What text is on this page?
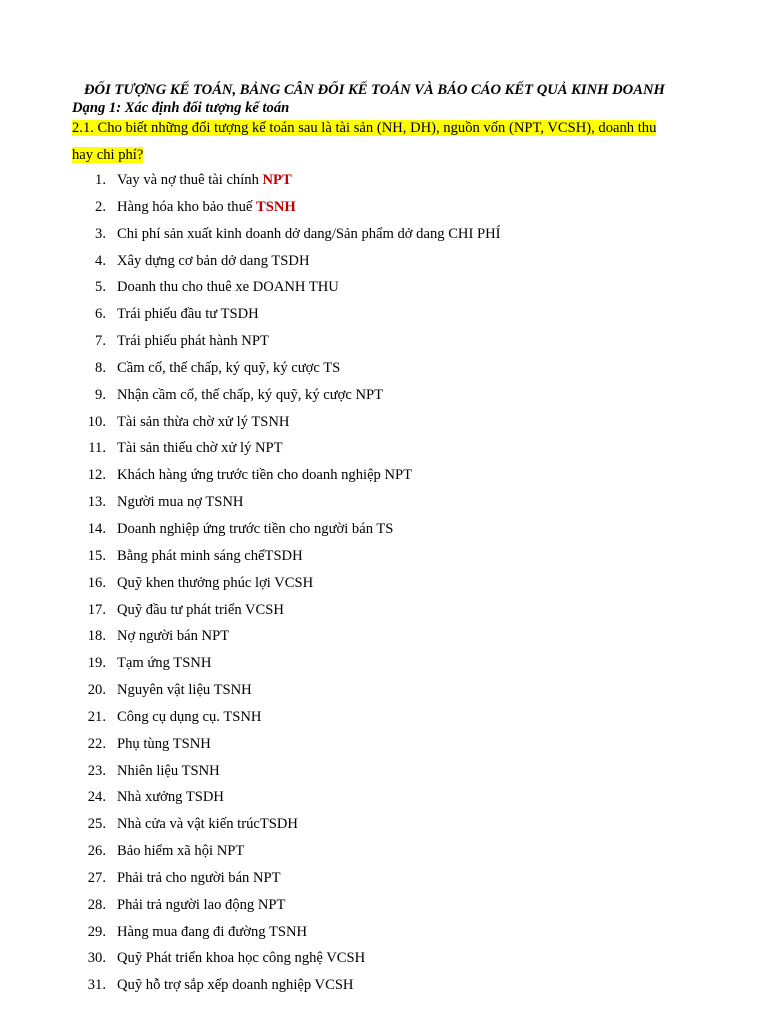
ĐỐI TƯỢNG KẾ TOÁN, BẢNG CÂN ĐỐI KẾ TOÁN VÀ BÁO CÁO KẾT QUẢ KINH DOANH
Dạng 1: Xác định đối tượng kế toán
2.1. Cho biết những đối tượng kế toán sau là tài sản (NH, DH), nguồn vốn (NPT, VCSH), doanh thu
hay chi phí?
1. Vay và nợ thuê tài chính NPT
2. Hàng hóa kho bảo thuế TSNH
3. Chi phí sản xuất kinh doanh dở dang/Sản phẩm dở dang CHI PHÍ
4. Xây dựng cơ bản dở dang TSDH
5. Doanh thu cho thuê xe DOANH THU
6. Trái phiếu đầu tư TSDH
7. Trái phiếu phát hành NPT
8. Cầm cố, thế chấp, ký quỹ, ký cược TS
9. Nhận cầm cố, thế chấp, ký quỹ, ký cược NPT
10. Tài sản thừa chờ xử lý TSNH
11. Tài sản thiếu chờ xử lý NPT
12. Khách hàng ứng trước tiền cho doanh nghiệp NPT
13. Người mua nợ TSNH
14. Doanh nghiệp ứng trước tiền cho người bán TS
15. Bằng phát minh sáng chếTSDH
16. Quỹ khen thưởng phúc lợi VCSH
17. Quỹ đầu tư phát triển VCSH
18. Nợ người bán NPT
19. Tạm ứng TSNH
20. Nguyên vật liệu TSNH
21. Công cụ dụng cụ. TSNH
22. Phụ tùng TSNH
23. Nhiên liệu TSNH
24. Nhà xưởng TSDH
25. Nhà cửa và vật kiến trúcTSDH
26. Bảo hiểm xã hội NPT
27. Phải trả cho người bán NPT
28. Phải trả người lao động NPT
29. Hàng mua đang đi đường TSNH
30. Quỹ Phát triển khoa học công nghệ VCSH
31. Quỹ hỗ trợ sắp xếp doanh nghiệp VCSH
